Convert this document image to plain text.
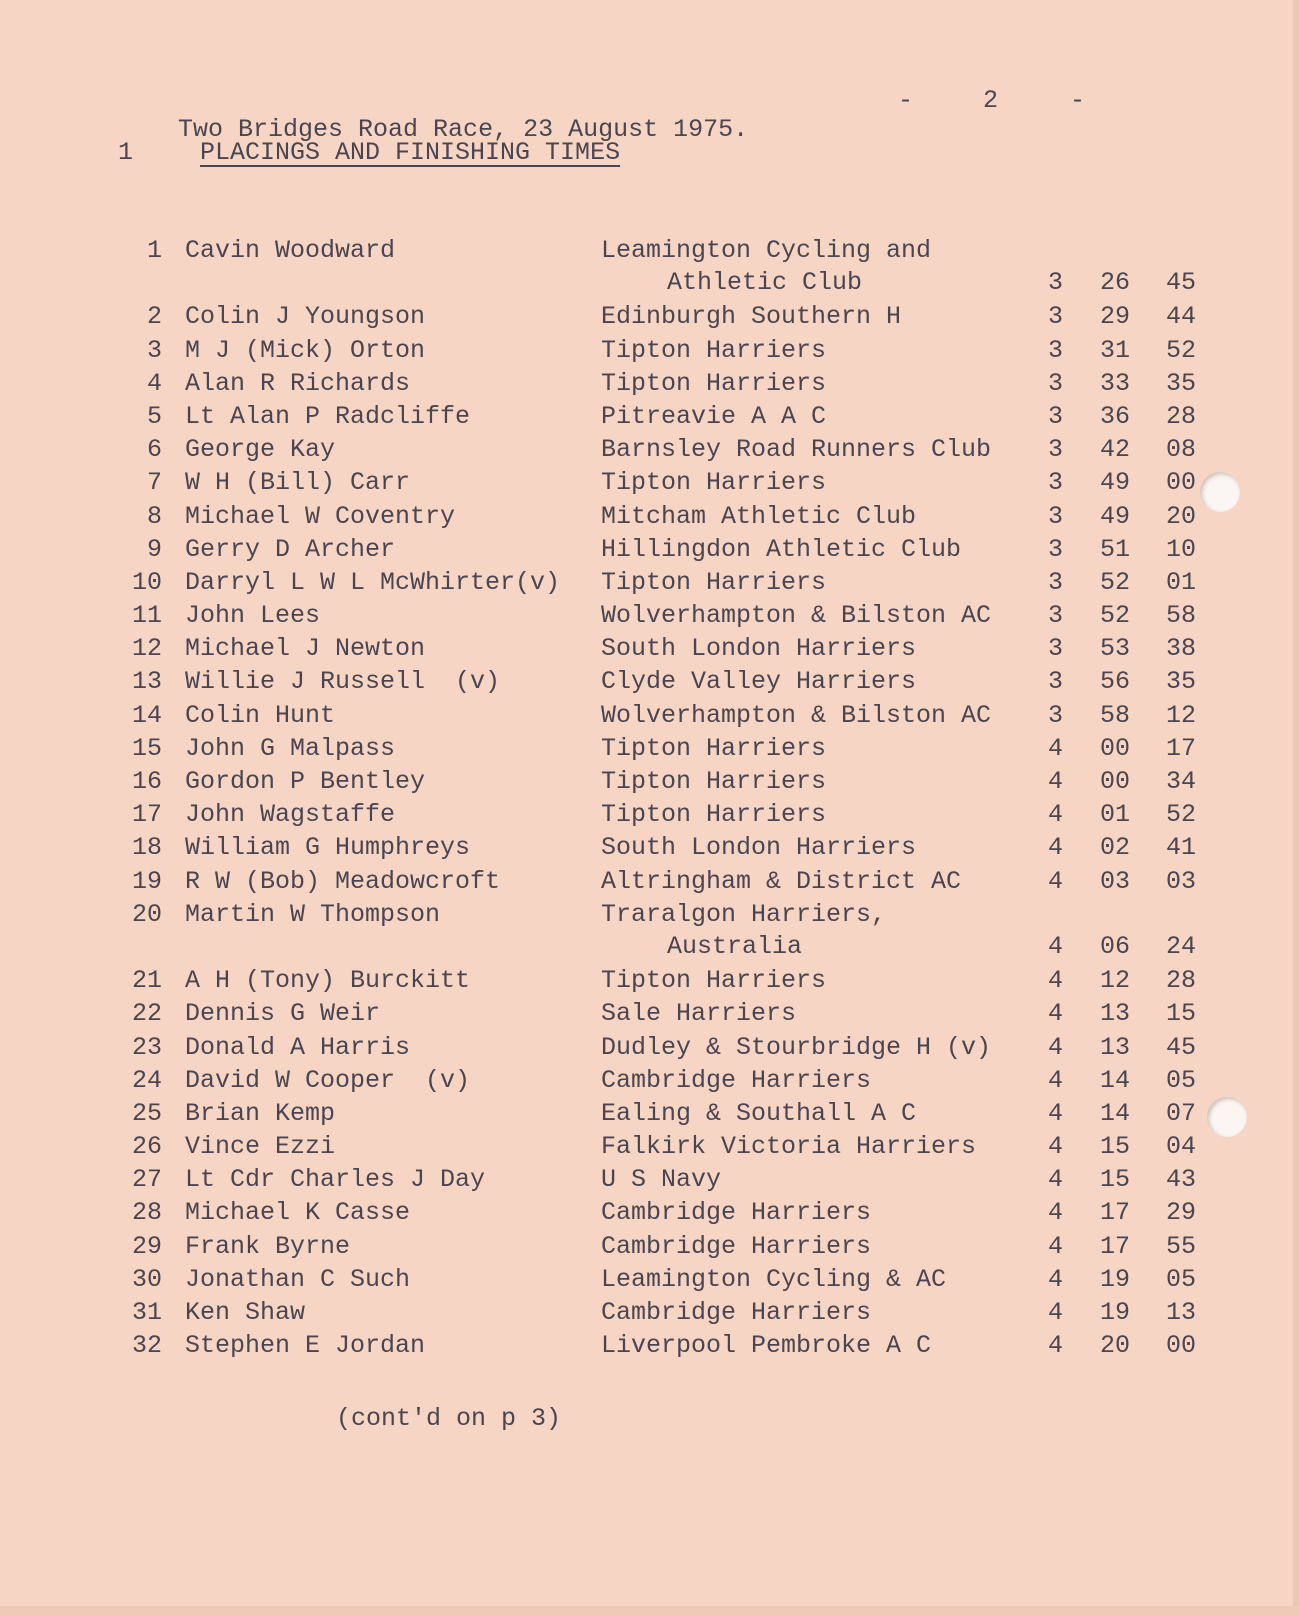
Two Bridges Road Race, 23 August 1975.

-

	2

	-

1

	PLACINGS AND FINISHING TIMES

1 Cavin Woodward	Leamington Cycling and
Athletic Club	3 26 45
2 Colin J Youngson	Edinburgh Southern H	3 29 44
3 M J (Mick) Orton	Tipton Harriers	3 31 52
4 Alan R Richards	Tipton Harriers	3 33 35
5 Lt Alan P Radcliffe	Pitreavie A A C	3 36 28
6 George Kay	Barnsley Road Runners Club 3 42 08
7 W H (Bill) Carr	Tipton Harriers	3 49 00
8 Michael W Coventry	Mitcham Athletic Club	3 49 20
9 Gerry D Archer	Hillingdon Athletic Club	3 51 10
10 Darryl L W L McWhirter(v) Tipton Harriers	3 52 01
11 John Lees	Wolverhampton & Bilston AC 3 52 58
12 Michael J Newton	South London Harriers	3 53 38
13 Willie J Russell  (v)	Clyde Valley Harriers	3 56 35
14 Colin Hunt	Wolverhampton & Bilston AC 3 58 12
15 John G Malpass	Tipton Harriers	4 00 17
16 Gordon P Bentley	Tipton Harriers	4 00 34
17 John Wagstaffe	Tipton Harriers	4 01 52
18 William G Humphreys	South London Harriers	4 02 41
19 R W (Bob) Meadowcroft	Altringham & District AC	4 03 03
20 Martin W Thompson	Traralgon Harriers,
Australia	4 06 24
21 A H (Tony) Burckitt	Tipton Harriers	4 12 28
22 Dennis G Weir	Sale Harriers	4 13 15
23 Donald A Harris	Dudley & Stourbridge H (v) 4 13 45
24 David W Cooper  (v)	Cambridge Harriers	4 14 05
25 Brian Kemp	Ealing & Southall A C	4 14 07
26 Vince Ezzi	Falkirk Victoria Harriers	4 15 04
27 Lt Cdr Charles J Day	U S Navy	4 15 43
28 Michael K Casse	Cambridge Harriers	4 17 29
29 Frank Byrne	Cambridge Harriers	4 17 55
30 Jonathan C Such	Leamington Cycling & AC	4 19 05
31 Ken Shaw	Cambridge Harriers	4 19 13
32 Stephen E Jordan	Liverpool Pembroke A C	4 20 00
(cont'd on p 3)
